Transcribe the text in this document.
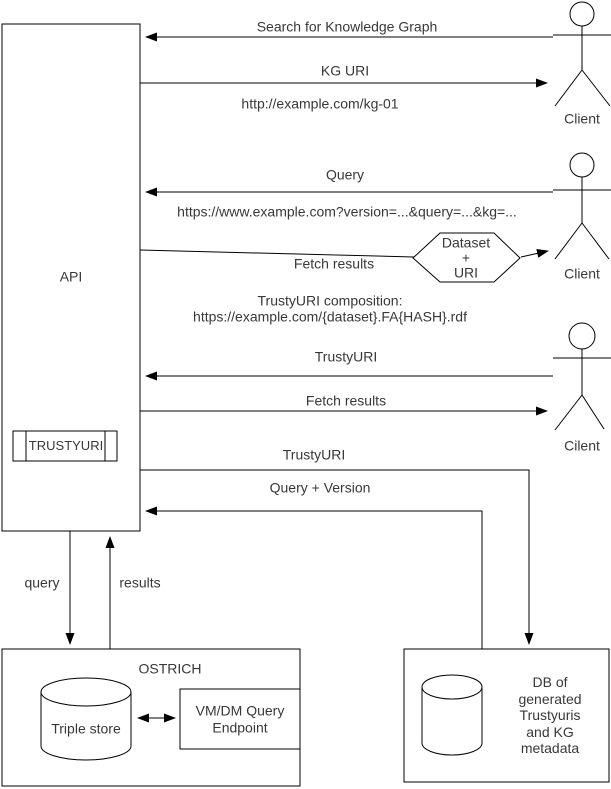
Search for Knowledge Graph
KG URI
http://example.com/kg-01
Client
Query
https://www.example.com?version=...&query=...&kg=...
Fetch results
Dataset
+
URI	Client
TrustyURI composition:
https://example.com/{dataset}.FA{HASH}.rdf
TrustyURI
Fetch results
Cilent
TRUSTYURI
TrustyURI
Query + Version
API
query	results
OSTRICH
Triple store
VM/DM Query
Endpoint
DB of
generated
Trustyuris
and KG
metadata
